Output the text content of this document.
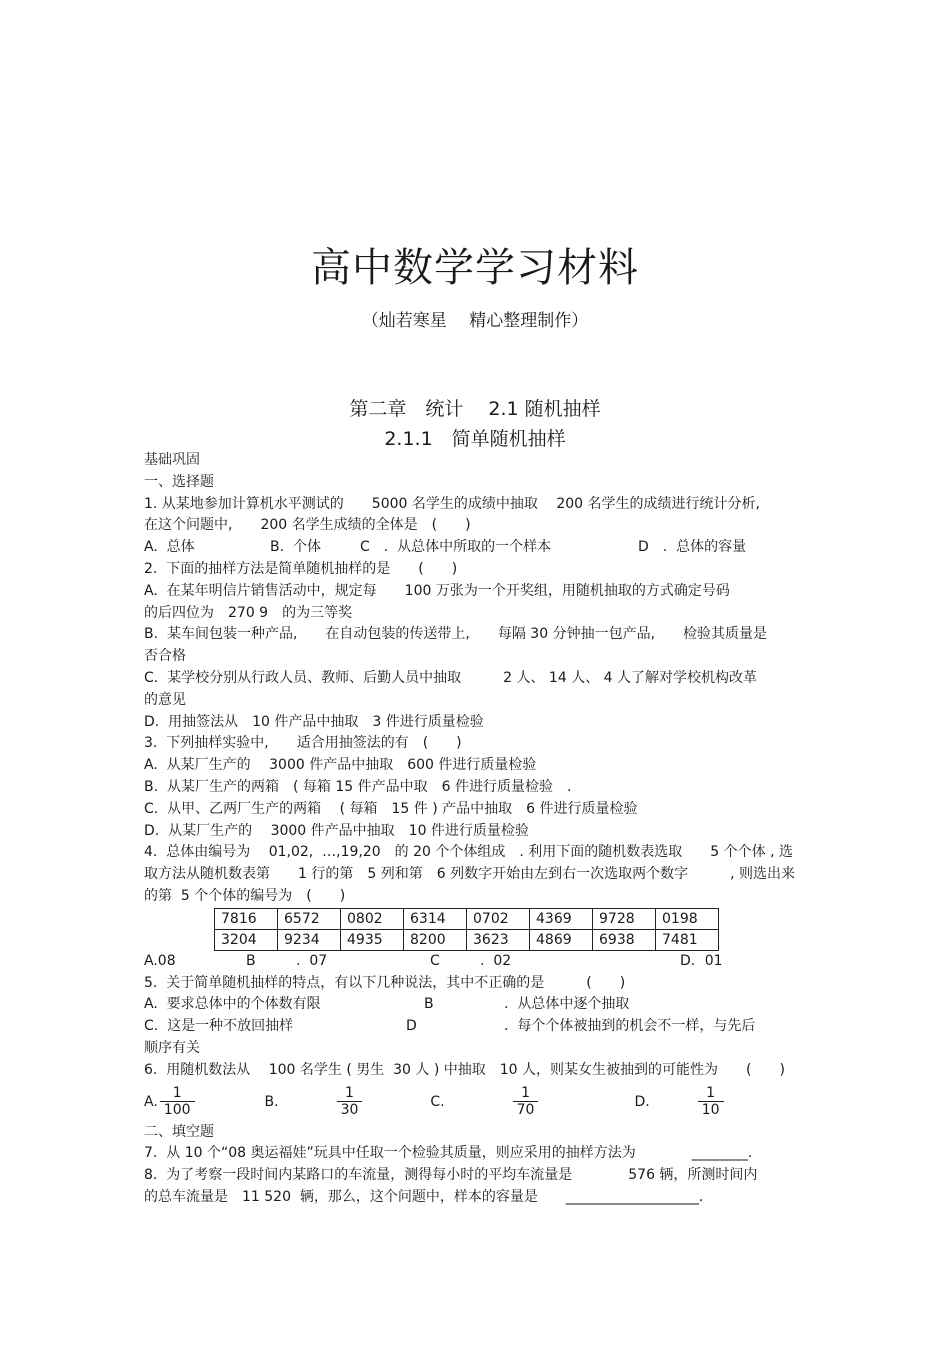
高中数学学习材料
（灿若寒星　 精心整理制作）
第二章　统计　 2.1 随机抽样
2.1.1　简单随机抽样
基础巩固
一、选择题
1. 从某地参加计算机水平测试的　　5000 名学生的成绩中抽取　 200 名学生的成绩进行统计分析,
在这个问题中,　　200 名学生成绩的全体是　(　　)
A.  总体	B.  个体	C　.  从总体中所取的一个样本	D　.  总体的容量
2.  下面的抽样方法是简单随机抽样的是　　(　　)
A.  在某年明信片销售活动中，规定每　　100 万张为一个开奖组，用随机抽取的方式确定号码
的后四位为　270 9　的为三等奖
B.  某车间包装一种产品,　　在自动包装的传送带上,　　每隔 30 分钟抽一包产品,　　检验其质量是
否合格
C.  某学校分别从行政人员、教师、后勤人员中抽取　　　2 人、 14 人、 4 人了解对学校机构改革
的意见
D.  用抽签法从　10 件产品中抽取　3 件进行质量检验
3.  下列抽样实验中,　　适合用抽签法的有　(　　)
A.  从某厂生产的　 3000 件产品中抽取　600 件进行质量检验
B.  从某厂生产的两箱　( 每箱 15 件产品中取　6 件进行质量检验　.
C.  从甲、乙两厂生产的两箱　 ( 每箱　15 件 ) 产品中抽取　6 件进行质量检验
D.  从某厂生产的　 3000 件产品中抽取　10 件进行质量检验
4.  总体由编号为　 01,02,  …,19,20　的 20 个个体组成　. 利用下面的随机数表选取　　5 个个体 , 选
取方法从随机数表第　　1 行的第　5 列和第　6 列数字开始由左到右一次选取两个数字　　　, 则选出来
的第  5 个个体的编号为　(　　)
7816	6572	0802	6314	0702	4369	9728	0198
3204	9234	4935	8200	3623	4869	6938	7481
A.08	B	.  07	C	.  02	D．01
5.  关于简单随机抽样的特点，有以下几种说法，其中不正确的是　　　(　　)
A.  要求总体中的个体数有限	B	.  从总体中逐个抽取
C.  这是一种不放回抽样	D	.  每个个体被抽到的机会不一样，与先后
顺序有关
6.  用随机数法从　 100 名学生 ( 男生  30 人 ) 中抽取　10 人，则某女生被抽到的可能性为　　(　　)
A. $\frac{1}{100}$	B.	$\frac{1}{30}$	C.	$\frac{1}{70}$	D.	$\frac{1}{10}$
二、填空题
7.  从 10 个“08 奥运福娃”玩具中任取一个检验其质量，则应采用的抽样方法为　　　　________.
8.  为了考察一段时间内某路口的车流量，测得每小时的平均车流量是　　　　576 辆，所测时间内
的总车流量是　11 520  辆，那么，这个问题中，样本的容量是　　___________________.
